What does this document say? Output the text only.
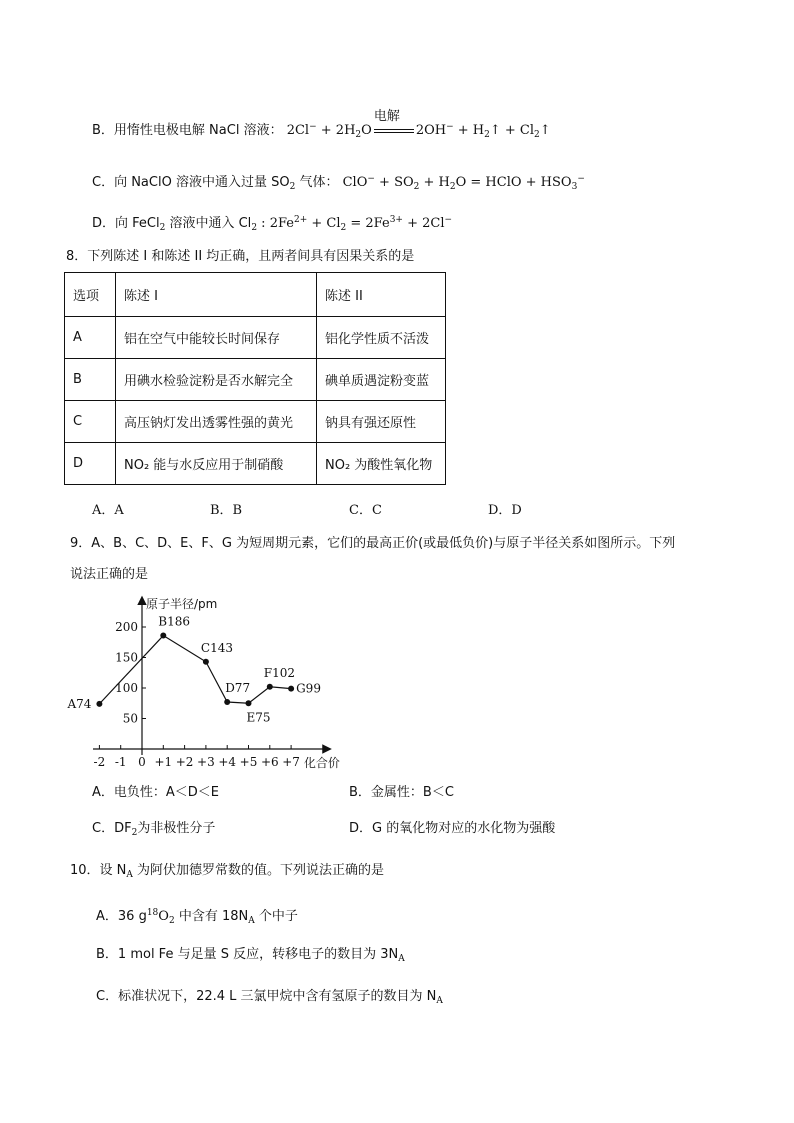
B．用惰性电极电解 NaCl 溶液： $2Cl^- + 2H_2O$
电解
$2OH^- + H_2↑$ + $Cl_2↑$
C．向 NaClO 溶液中通入过量 $SO_2$ 气体： $ClO^- + SO_2 + H_2O$ = HClO + $HSO_3^-$
D．向 FeCl$_2$ 溶液中通入 $Cl_2$ : $2Fe^{2+} + Cl_2 = 2Fe^{3+} + 2Cl^-$
8．下列陈述 I 和陈述 II 均正确，且两者间具有因果关系的是
选项	陈述 I	陈述 II
A	铝在空气中能较长时间保存	铝化学性质不活泼
B	用碘水检验淀粉是否水解完全	碘单质遇淀粉变蓝
C	高压钠灯发出透雾性强的黄光	钠具有强还原性
D	NO₂ 能与水反应用于制硝酸	NO₂ 为酸性氧化物
A．A	B．B	C．C	D．D
9．A、B、C、D、E、F、G 为短周期元素，它们的最高正价(或最低负价)与原子半径关系如图所示。下列
说法正确的是
原子半径/pm
化合价
-2 -1 0 +1 +2 +3 +4 +5 +6 +7
50
100
150
200
A74
B186
C143
D77
E75
F102
G99
A．电负性：A＜D＜E	B．金属性：B＜C
C．$DF_2$为非极性分子	D．G 的氧化物对应的水化物为强酸
10．设 $N_A$ 为阿伏加德罗常数的值。下列说法正确的是
A．36 $g^{18}O_2$ 中含有 $18N_A$ 个中子
B．1 mol Fe 与足量 S 反应，转移电子的数目为 $3N_A$
C．标准状况下，22.4 L 三氯甲烷中含有氢原子的数目为 $N_A$
